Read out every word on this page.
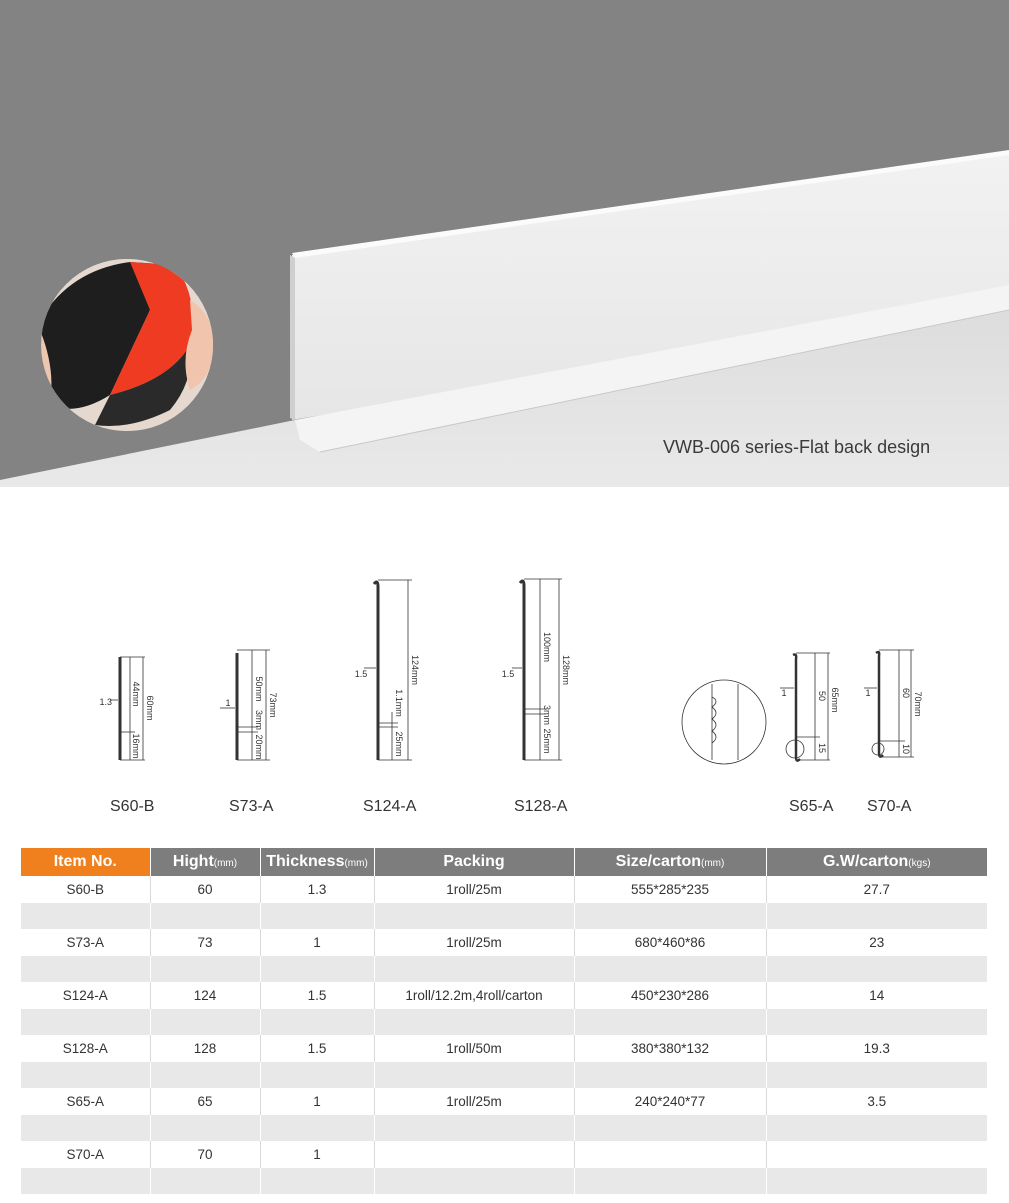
VWB-006 series-Flat back design
1.3	60mm
44mm
16mm
1	73mm
50mm
3mm
20mm
1.5	124mm
1.1mm
25mm
1.5	128mm
100mm
3mm
25mm
1	65mm
50
15
1	70mm
60
10
S60-B	S73-A	S124-A	S128-A	S65-A S70-A
Item No.	Hight(mm)	Thickness(mm)	Packing	Size/carton(mm)	G.W/carton(kgs)
S60-B	60	1.3	1roll/25m	555*285*235	27.7

S73-A	73	1	1roll/25m	680*460*86	23

S124-A	124	1.5	1roll/12.2m,4roll/carton	450*230*286	14

S128-A	128	1.5	1roll/50m	380*380*132	19.3

S65-A	65	1	1roll/25m	240*240*77	3.5

S70-A	70	1			
